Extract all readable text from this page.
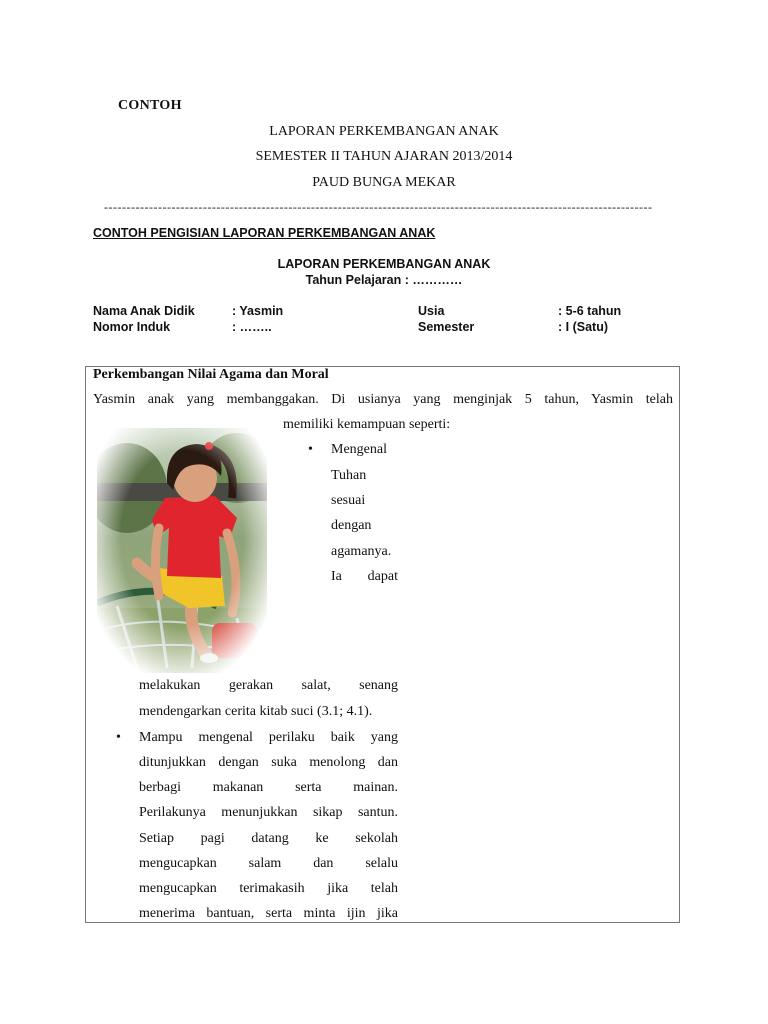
CONTOH
LAPORAN PERKEMBANGAN ANAK
SEMESTER II TAHUN AJARAN 2013/2014
PAUD BUNGA MEKAR
--------------------------------------------------------------------------------------------------------------------------
CONTOH PENGISIAN LAPORAN PERKEMBANGAN ANAK
LAPORAN PERKEMBANGAN ANAK
Tahun Pelajaran : …………
Nama Anak Didik	: Yasmin	Usia	: 5-6 tahun
Nomor Induk	: ……..	Semester	: I (Satu)
Perkembangan Nilai Agama dan Moral
Yasmin anak yang membanggakan. Di usianya yang menginjak 5 tahun, Yasmin telah
memiliki kemampuan seperti:
• Mengenal
Tuhan
sesuai
dengan
agamanya.
Ia dapat
melakukan gerakan salat, senang
mendengarkan cerita kitab suci (3.1; 4.1).
• Mampu mengenal perilaku baik yang
ditunjukkan dengan suka menolong dan
berbagi makanan serta mainan.
Perilakunya menunjukkan sikap santun.
Setiap pagi datang ke sekolah
mengucapkan salam dan selalu
mengucapkan terimakasih jika telah
menerima bantuan, serta minta ijin jika
